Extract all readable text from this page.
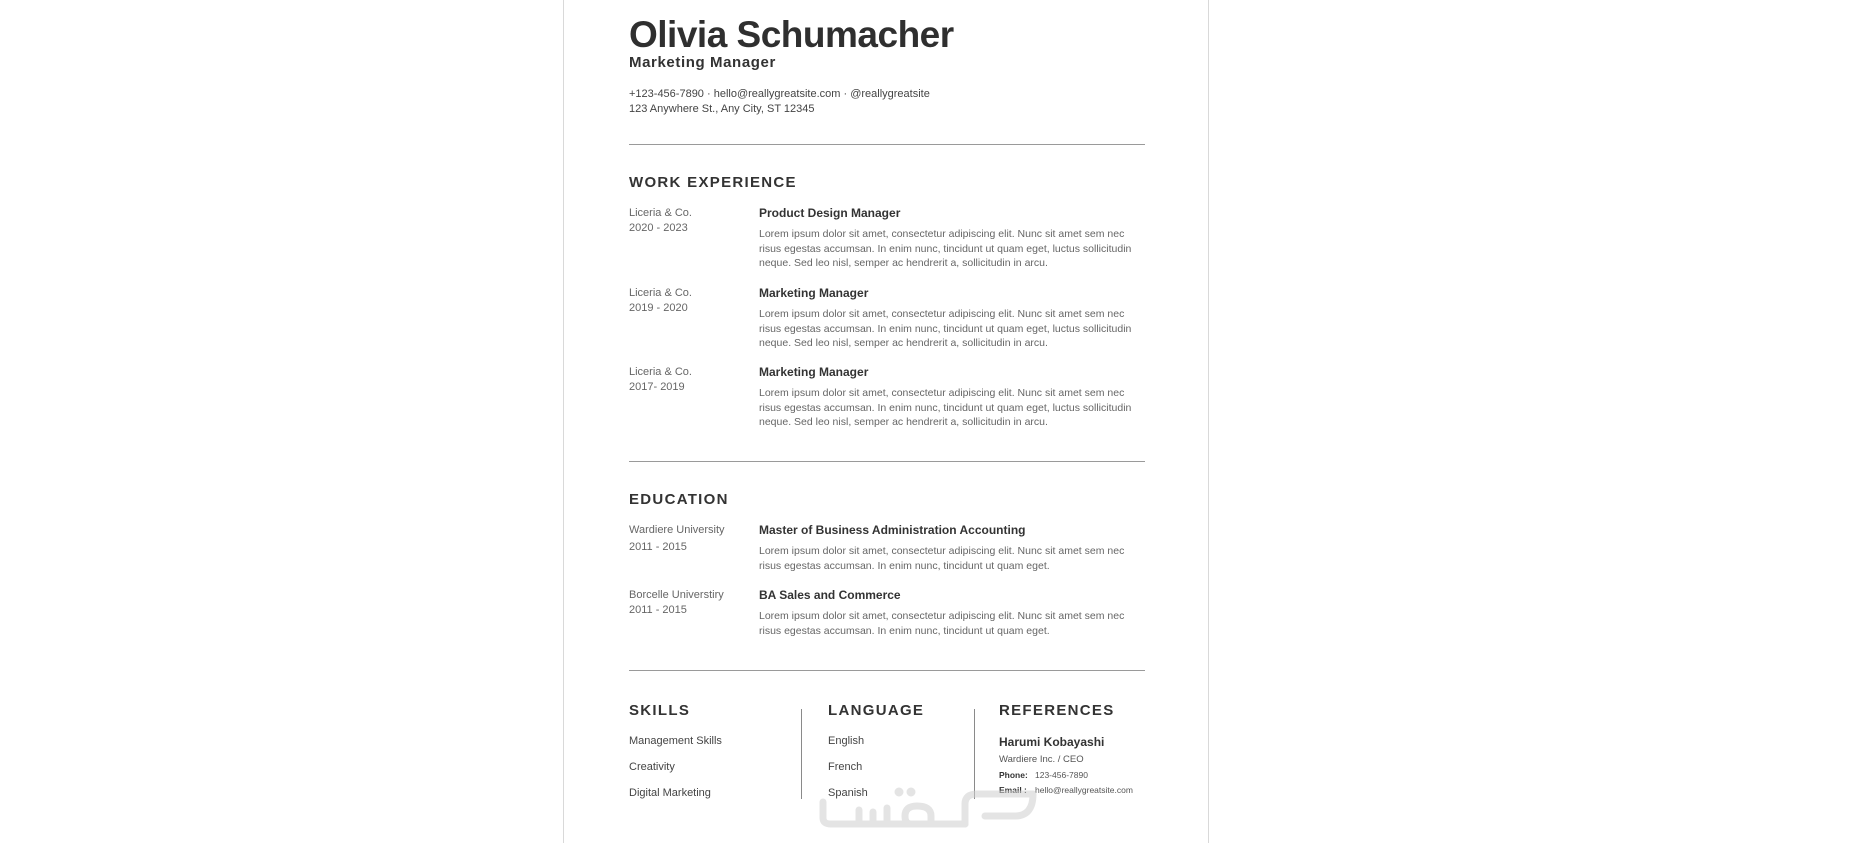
Olivia Schumacher
Marketing Manager
+123-456-7890 · hello@reallygreatsite.com · @reallygreatsite
123 Anywhere St., Any City, ST 12345
WORK EXPERIENCE
Liceria & Co.
2020 - 2023
Product Design Manager
Lorem ipsum dolor sit amet, consectetur adipiscing elit. Nunc sit amet sem nec risus egestas accumsan. In enim nunc, tincidunt ut quam eget, luctus sollicitudin neque. Sed leo nisl, semper ac hendrerit a, sollicitudin in arcu.
Liceria & Co.
2019 - 2020
Marketing Manager
Lorem ipsum dolor sit amet, consectetur adipiscing elit. Nunc sit amet sem nec risus egestas accumsan. In enim nunc, tincidunt ut quam eget, luctus sollicitudin neque. Sed leo nisl, semper ac hendrerit a, sollicitudin in arcu.
Liceria & Co.
2017- 2019
Marketing Manager
Lorem ipsum dolor sit amet, consectetur adipiscing elit. Nunc sit amet sem nec risus egestas accumsan. In enim nunc, tincidunt ut quam eget, luctus sollicitudin neque. Sed leo nisl, semper ac hendrerit a, sollicitudin in arcu.
EDUCATION
Wardiere University
2011 - 2015
Master of Business Administration Accounting
Lorem ipsum dolor sit amet, consectetur adipiscing elit. Nunc sit amet sem nec risus egestas accumsan. In enim nunc, tincidunt ut quam eget.
Borcelle Universtiry
2011 - 2015
BA Sales and Commerce
Lorem ipsum dolor sit amet, consectetur adipiscing elit. Nunc sit amet sem nec risus egestas accumsan. In enim nunc, tincidunt ut quam eget.
SKILLS
Management Skills
Creativity
Digital Marketing
LANGUAGE
English
French
Spanish
REFERENCES
Harumi Kobayashi
Wardiere Inc. / CEO
Phone: 123-456-7890
Email : hello@reallygreatsite.com
